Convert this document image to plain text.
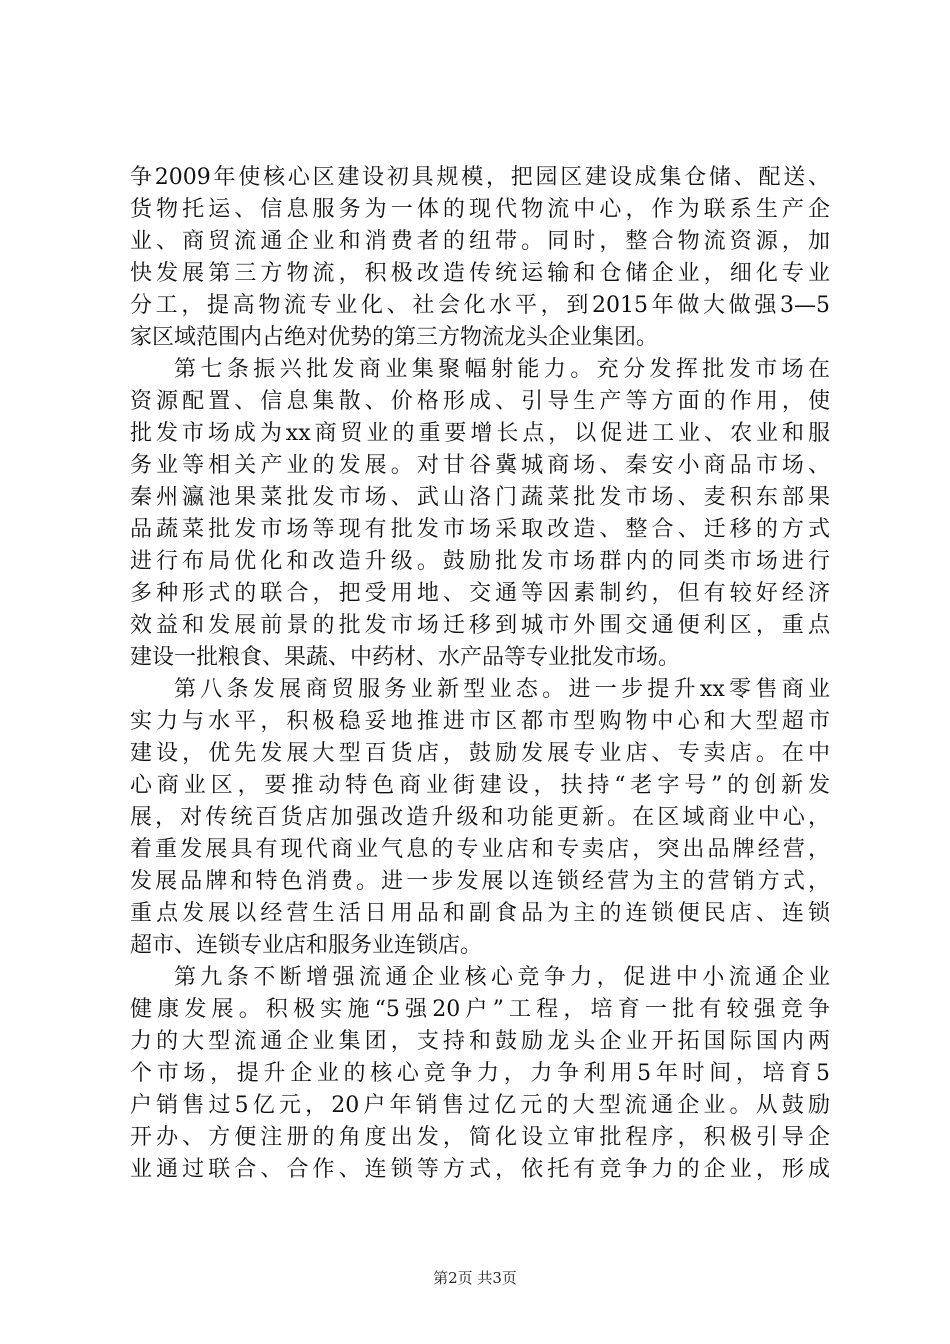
争2009年使核心区建设初具规模，把园区建设成集仓储、配送、
货物托运、信息服务为一体的现代物流中心，作为联系生产企
业、商贸流通企业和消费者的纽带。同时，整合物流资源，加
快发展第三方物流，积极改造传统运输和仓储企业，细化专业
分工，提高物流专业化、社会化水平，到2015年做大做强3—5
家区域范围内占绝对优势的第三方物流龙头企业集团。
第七条振兴批发商业集聚幅射能力。充分发挥批发市场在
资源配置、信息集散、价格形成、引导生产等方面的作用，使
批发市场成为xx商贸业的重要增长点，以促进工业、农业和服
务业等相关产业的发展。对甘谷冀城商场、秦安小商品市场、
秦州瀛池果菜批发市场、武山洛门蔬菜批发市场、麦积东部果
品蔬菜批发市场等现有批发市场采取改造、整合、迁移的方式
进行布局优化和改造升级。鼓励批发市场群内的同类市场进行
多种形式的联合，把受用地、交通等因素制约，但有较好经济
效益和发展前景的批发市场迁移到城市外围交通便利区，重点
建设一批粮食、果蔬、中药材、水产品等专业批发市场。
第八条发展商贸服务业新型业态。进一步提升xx零售商业
实力与水平，积极稳妥地推进市区都市型购物中心和大型超市
建设，优先发展大型百货店，鼓励发展专业店、专卖店。在中
心商业区，要推动特色商业街建设，扶持“老字号”的创新发
展，对传统百货店加强改造升级和功能更新。在区域商业中心，
着重发展具有现代商业气息的专业店和专卖店，突出品牌经营，
发展品牌和特色消费。进一步发展以连锁经营为主的营销方式，
重点发展以经营生活日用品和副食品为主的连锁便民店、连锁
超市、连锁专业店和服务业连锁店。
第九条不断增强流通企业核心竞争力，促进中小流通企业
健康发展。积极实施“5强20户”工程，培育一批有较强竞争
力的大型流通企业集团，支持和鼓励龙头企业开拓国际国内两
个市场，提升企业的核心竞争力，力争利用5年时间，培育5
户销售过5亿元，20户年销售过亿元的大型流通企业。从鼓励
开办、方便注册的角度出发，简化设立审批程序，积极引导企
业通过联合、合作、连锁等方式，依托有竞争力的企业，形成
第2页 共3页
